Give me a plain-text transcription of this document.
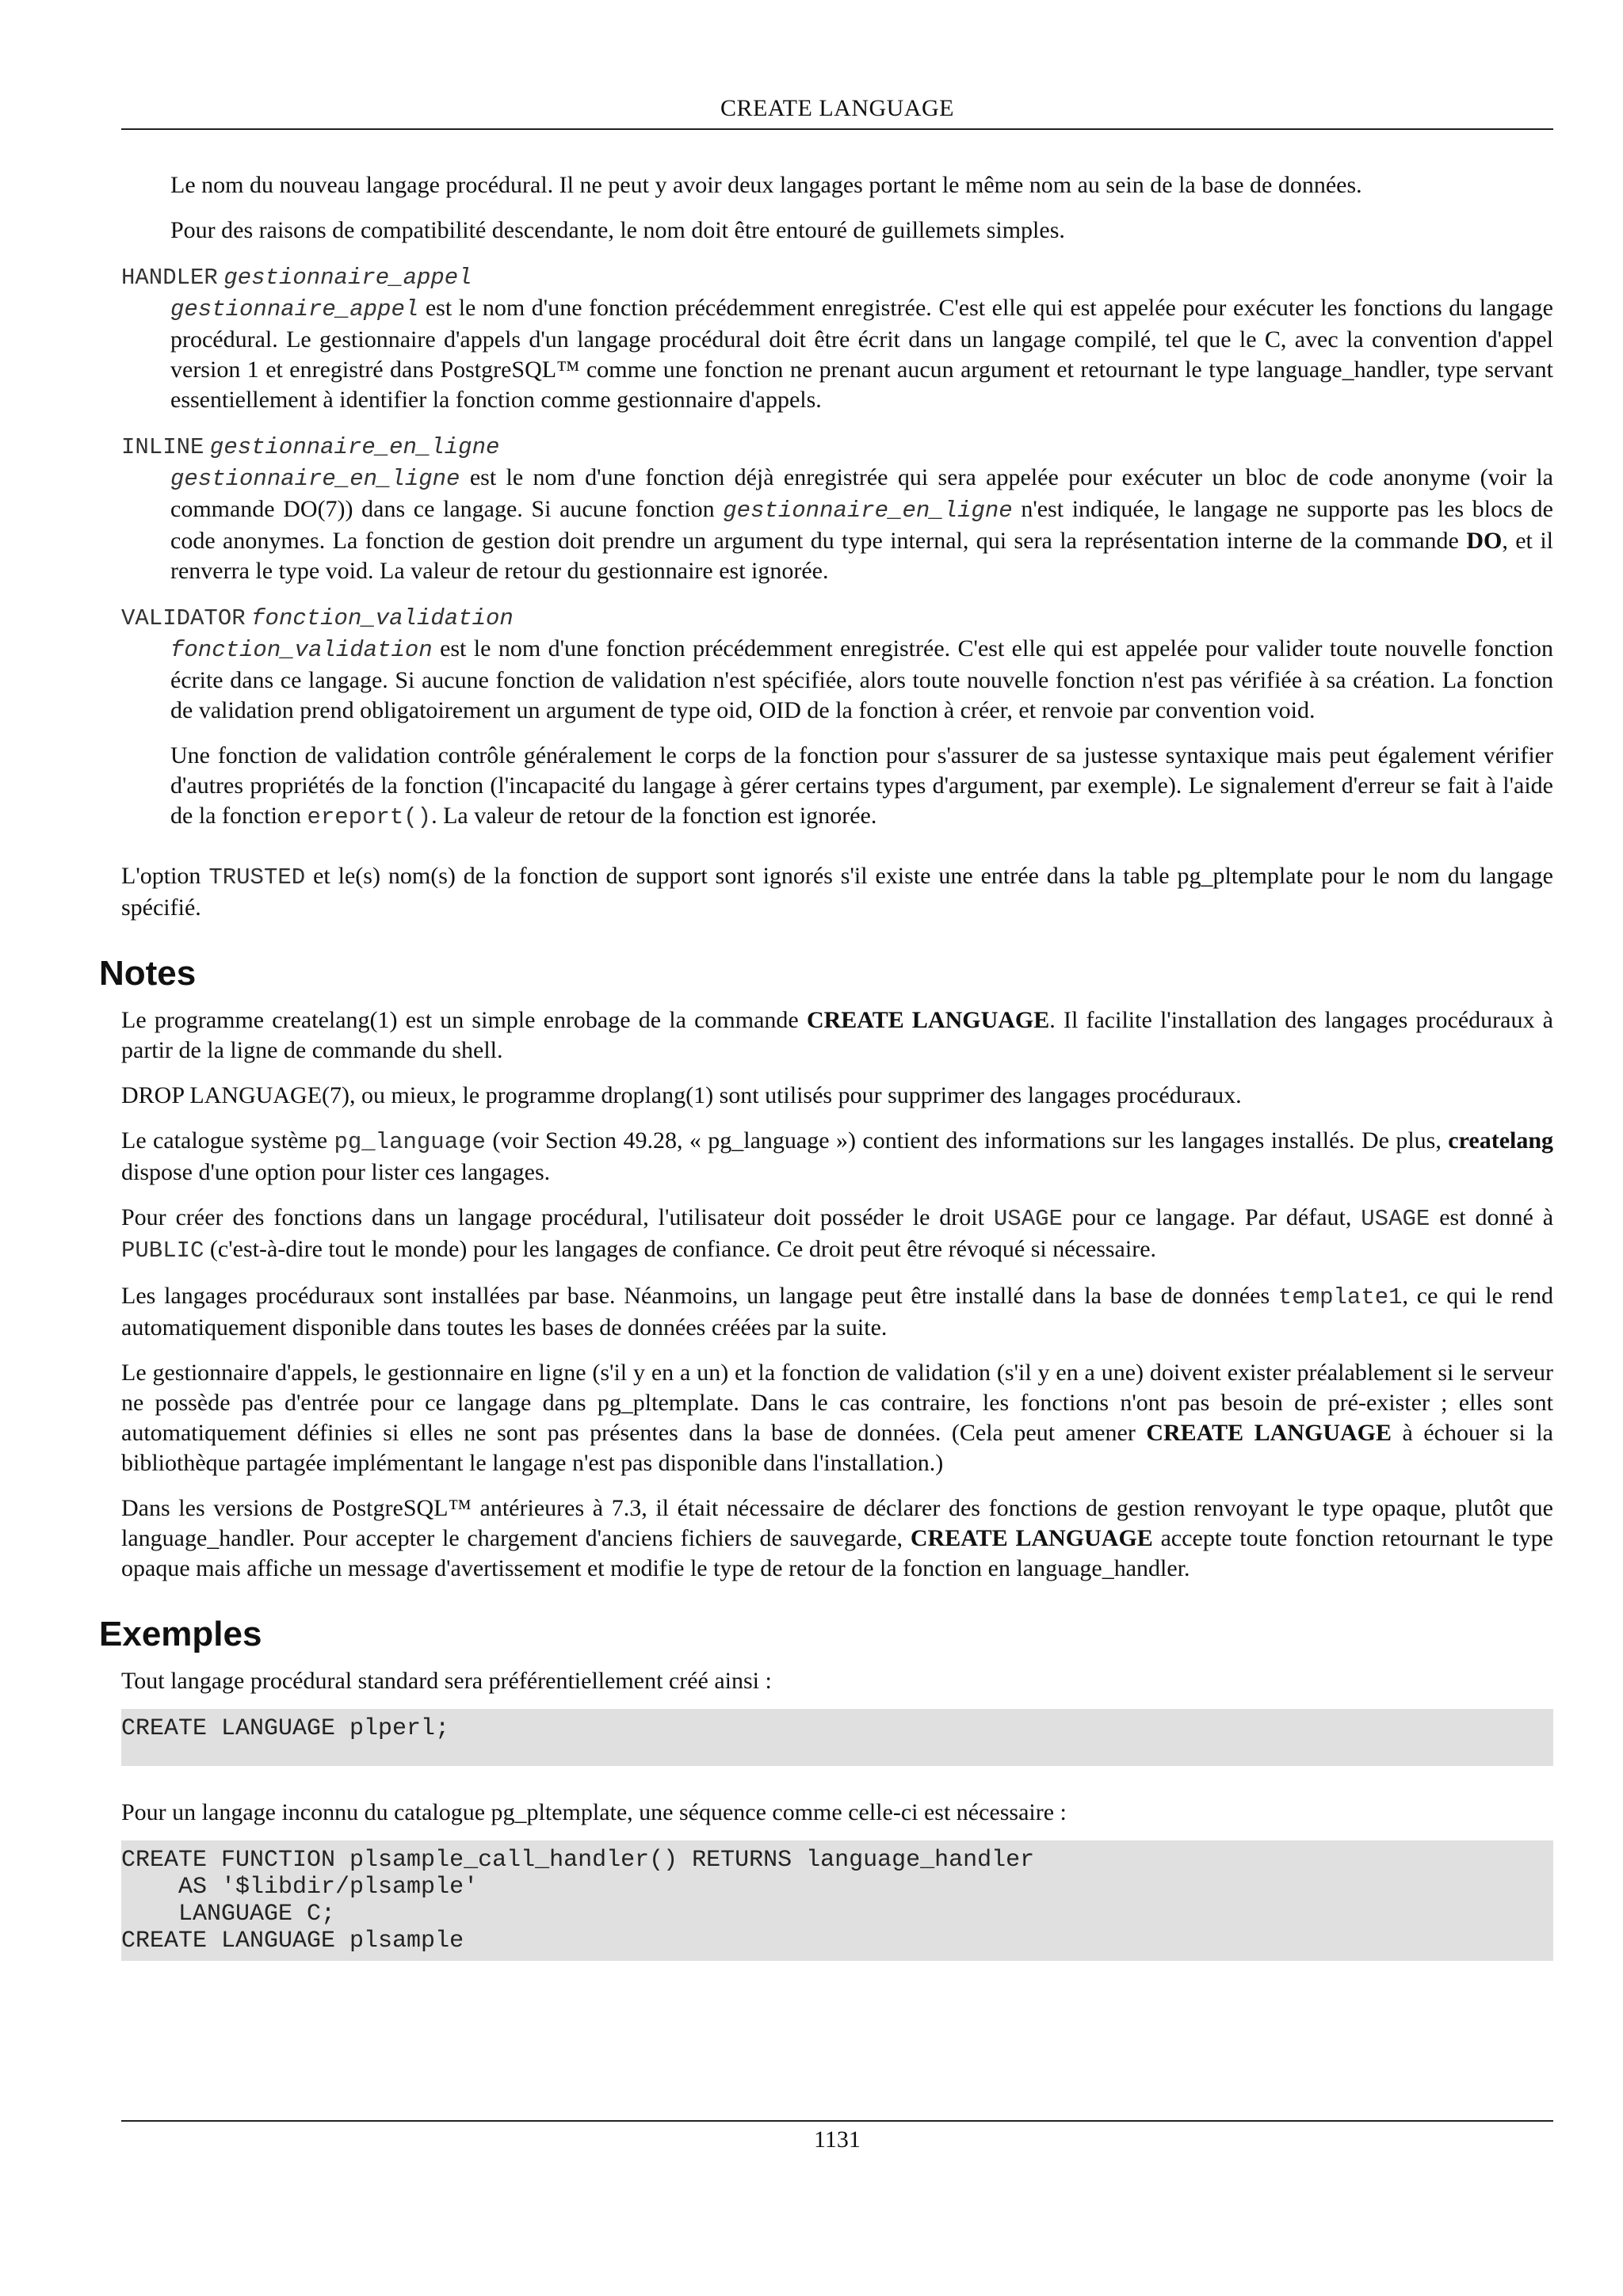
CREATE LANGUAGE

Le nom du nouveau langage procédural. Il ne peut y avoir deux langages portant le même nom au sein de la base de données.

Pour des raisons de compatibilité descendante, le nom doit être entouré de guillemets simples.

HANDLER gestionnaire_appel

gestionnaire_appel est le nom d'une fonction précédemment enregistrée. C'est elle qui est appelée pour exécuter les fonctions du langage procédural. Le gestionnaire d'appels d'un langage procédural doit être écrit dans un langage compilé, tel que le C, avec la convention d'appel version 1 et enregistré dans PostgreSQL™ comme une fonction ne prenant aucun argument et retournant le type language_handler, type servant essentiellement à identifier la fonction comme gestionnaire d'appels.

INLINE gestionnaire_en_ligne

gestionnaire_en_ligne est le nom d'une fonction déjà enregistrée qui sera appelée pour exécuter un bloc de code anonyme (voir la commande DO(7)) dans ce langage. Si aucune fonction gestionnaire_en_ligne n'est indiquée, le langage ne supporte pas les blocs de code anonymes. La fonction de gestion doit prendre un argument du type internal, qui sera la représentation interne de la commande DO, et il renverra le type void. La valeur de retour du gestionnaire est ignorée.

VALIDATOR fonction_validation

fonction_validation est le nom d'une fonction précédemment enregistrée. C'est elle qui est appelée pour valider toute nouvelle fonction écrite dans ce langage. Si aucune fonction de validation n'est spécifiée, alors toute nouvelle fonction n'est pas vérifiée à sa création. La fonction de validation prend obligatoirement un argument de type oid, OID de la fonction à créer, et renvoie par convention void.

Une fonction de validation contrôle généralement le corps de la fonction pour s'assurer de sa justesse syntaxique mais peut également vérifier d'autres propriétés de la fonction (l'incapacité du langage à gérer certains types d'argument, par exemple). Le signalement d'erreur se fait à l'aide de la fonction ereport(). La valeur de retour de la fonction est ignorée.

L'option TRUSTED et le(s) nom(s) de la fonction de support sont ignorés s'il existe une entrée dans la table pg_pltemplate pour le nom du langage spécifié.

Notes

Le programme createlang(1) est un simple enrobage de la commande CREATE LANGUAGE. Il facilite l'installation des langages procéduraux à partir de la ligne de commande du shell.

DROP LANGUAGE(7), ou mieux, le programme droplang(1) sont utilisés pour supprimer des langages procéduraux.

Le catalogue système pg_language (voir Section 49.28, « pg_language ») contient des informations sur les langages installés. De plus, createlang dispose d'une option pour lister ces langages.

Pour créer des fonctions dans un langage procédural, l'utilisateur doit posséder le droit USAGE pour ce langage. Par défaut, USAGE est donné à PUBLIC (c'est-à-dire tout le monde) pour les langages de confiance. Ce droit peut être révoqué si nécessaire.

Les langages procéduraux sont installées par base. Néanmoins, un langage peut être installé dans la base de données template1, ce qui le rend automatiquement disponible dans toutes les bases de données créées par la suite.

Le gestionnaire d'appels, le gestionnaire en ligne (s'il y en a un) et la fonction de validation (s'il y en a une) doivent exister préalablement si le serveur ne possède pas d'entrée pour ce langage dans pg_pltemplate. Dans le cas contraire, les fonctions n'ont pas besoin de pré-exister ; elles sont automatiquement définies si elles ne sont pas présentes dans la base de données. (Cela peut amener CREATE LANGUAGE à échouer si la bibliothèque partagée implémentant le langage n'est pas disponible dans l'installation.)

Dans les versions de PostgreSQL™ antérieures à 7.3, il était nécessaire de déclarer des fonctions de gestion renvoyant le type opaque, plutôt que language_handler. Pour accepter le chargement d'anciens fichiers de sauvegarde, CREATE LANGUAGE accepte toute fonction retournant le type opaque mais affiche un message d'avertissement et modifie le type de retour de la fonction en language_handler.

Exemples

Tout langage procédural standard sera préférentiellement créé ainsi :

CREATE LANGUAGE plperl;

Pour un langage inconnu du catalogue pg_pltemplate, une séquence comme celle-ci est nécessaire :

CREATE FUNCTION plsample_call_handler() RETURNS language_handler
AS '$libdir/plsample'
LANGUAGE C;
CREATE LANGUAGE plsample
1131
